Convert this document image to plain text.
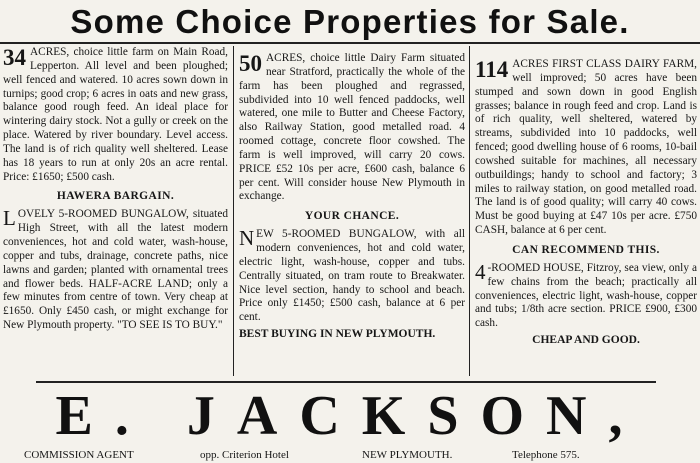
Some Choice Properties for Sale.

34 ACRES, choice little farm on Main Road, Lepperton. All level and been ploughed; well fenced and watered. 10 acres sown down in turnips; good crop; 6 acres in oats and new grass, balance good rough feed. An ideal place for wintering dairy stock. Not a gully or creek on the place. Watered by river boundary. Level access. The land is of rich quality well sheltered. Lease has 18 years to run at only 20s an acre rental. Price: £1650; £500 cash.

HAWERA BARGAIN.

LOVELY 5-ROOMED BUNGALOW, situated High Street, with all the latest modern conveniences, hot and cold water, wash-house, copper and tubs, drainage, concrete paths, nice lawns and garden; planted with ornamental trees and flower beds. HALF-ACRE LAND; only a few minutes from centre of town. Very cheap at £1650. Only £450 cash, or might exchange for New Plymouth property. "TO SEE IS TO BUY."

50 ACRES, choice little Dairy Farm situated near Stratford, practically the whole of the farm has been ploughed and regrassed, subdivided into 10 well fenced paddocks, well watered, one mile to Butter and Cheese Factory, also Railway Station, good metalled road. 4 roomed cottage, concrete floor cowshed. The farm is well improved, will carry 20 cows. PRICE £52 10s per acre, £600 cash, balance 6 per cent. Will consider house New Plymouth in exchange.

YOUR CHANCE.

NEW 5-ROOMED BUNGALOW, with all modern conveniences, hot and cold water, electric light, wash-house, copper and tubs. Centrally situated, on tram route to Breakwater. Nice level section, handy to school and beach. Price only £1450; £500 cash, balance at 6 per cent.

BEST BUYING IN NEW PLYMOUTH.

114 ACRES FIRST CLASS DAIRY FARM, well improved; 50 acres have been stumped and sown down in good English grasses; balance in rough feed and crop. Land is of rich quality, well sheltered, watered by streams, subdivided into 10 paddocks, well fenced; good dwelling house of 6 rooms, 10-bail cowshed suitable for machines, all necessary outbuildings; handy to school and factory; 3 miles to railway station, on good metalled road. The land is of good quality; will carry 40 cows. Must be good buying at £47 10s per acre. £750 CASH, balance at 6 per cent.

CAN RECOMMEND THIS.

4 -ROOMED HOUSE, Fitzroy, sea view, only a few chains from the beach; practically all conveniences, electric light, wash-house, copper and tubs; 1/8th acre section. PRICE £900, £300 cash.

CHEAP AND GOOD.
E. JACKSON,
COMMISSION AGENT	opp. Criterion Hotel	NEW PLYMOUTH.	Telephone 575.
